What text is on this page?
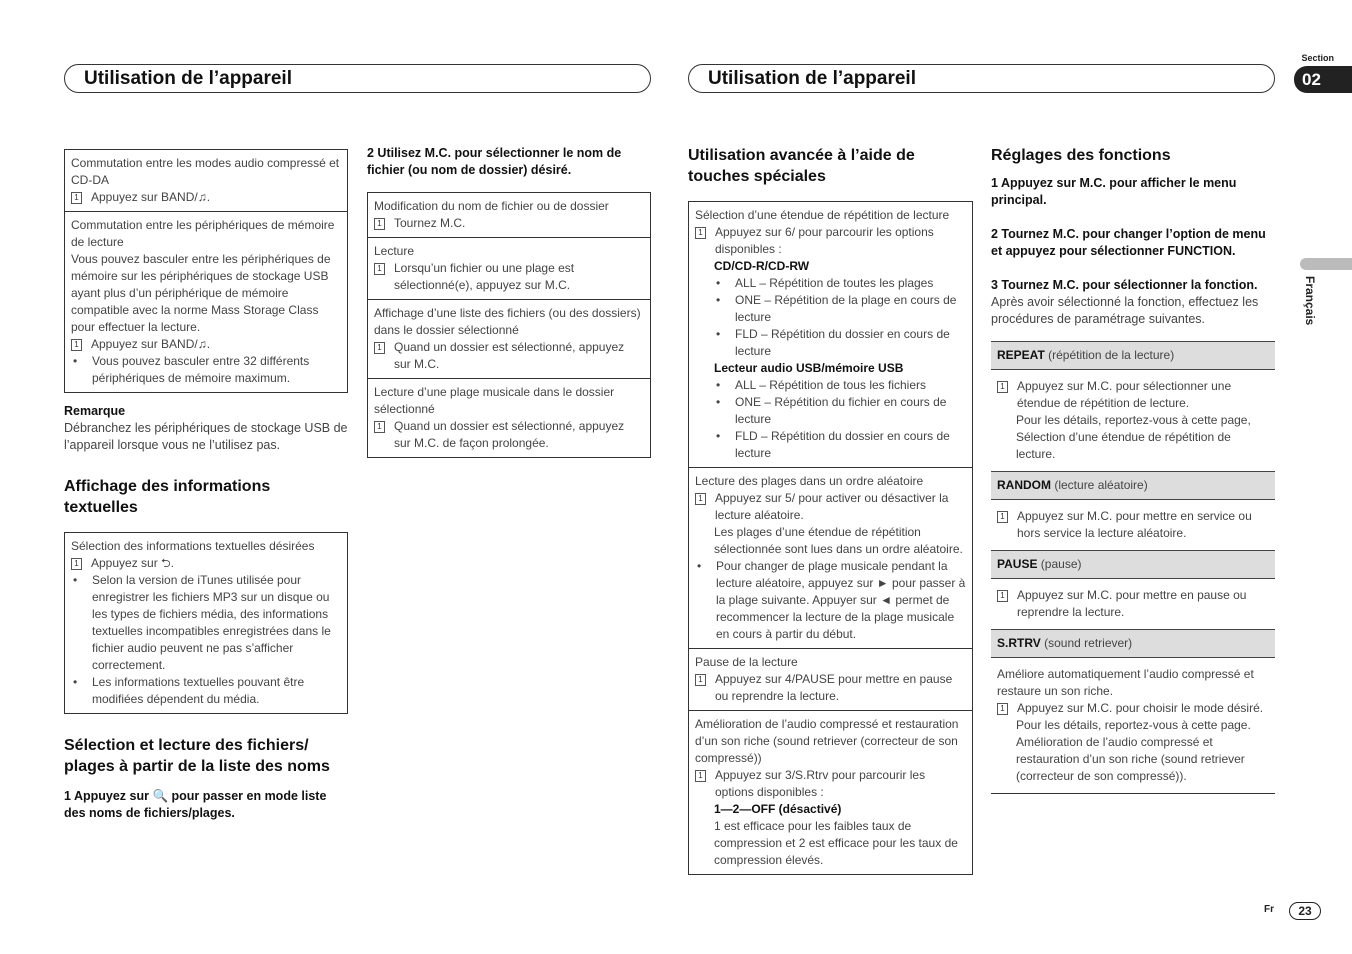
Utilisation de l’appareil	Utilisation de l’appareil
Section
02
Français
Commutation entre les modes audio compressé et CD-DA
1 Appuyez sur BAND/ ♫.
Commutation entre les périphériques de mémoire de lecture
Vous pouvez basculer entre les périphériques de mémoire sur les périphériques de stockage USB ayant plus d’un périphérique de mémoire compatible avec la norme Mass Storage Class pour effectuer la lecture.
1 Appuyez sur BAND/ ♫.
•	Vous pouvez basculer entre 32 différents périphériques de mémoire maximum.
Remarque
Débranchez les périphériques de stockage USB de l’appareil lorsque vous ne l’utilisez pas.
Affichage des informations textuelles
Sélection des informations textuelles désirées
1 Appuyez sur
⮌.
•	Selon la version de iTunes utilisée pour enregistrer les fichiers MP3 sur un disque ou les types de fichiers média, des informations textuelles incompatibles enregistrées dans le fichier audio peuvent ne pas s’afficher correctement.
•	Les informations textuelles pouvant être modifiées dépendent du média.
Sélection et lecture des fichiers/ plages à partir de la liste des noms
1 Appuyez sur 🔍 pour passer en mode liste des noms de fichiers/plages.
2 Utilisez M.C. pour sélectionner le nom de fichier (ou nom de dossier) désiré.
Modification du nom de fichier ou de dossier
1 Tournez M.C.
Lecture
1 Lorsqu’un fichier ou une plage est sélectionné(e), appuyez sur M.C.
Affichage d’une liste des fichiers (ou des dossiers) dans le dossier sélectionné
1 Quand un dossier est sélectionné, appuyez sur M.C.
Lecture d’une plage musicale dans le dossier sélectionné
1 Quand un dossier est sélectionné, appuyez sur M.C. de façon prolongée.
Utilisation avancée à l’aide de touches spéciales
Sélection d’une étendue de répétition de lecture
1 Appuyez sur 6/ pour parcourir les options disponibles :
CD/CD-R/CD-RW
•	ALL – Répétition de toutes les plages
•	ONE – Répétition de la plage en cours de lecture
•	FLD – Répétition du dossier en cours de lecture
Lecteur audio USB/mémoire USB
•	ALL – Répétition de tous les fichiers
•	ONE – Répétition du fichier en cours de lecture
•	FLD – Répétition du dossier en cours de lecture
Lecture des plages dans un ordre aléatoire
1 Appuyez sur 5/ pour activer ou désactiver la lecture aléatoire.
Les plages d’une étendue de répétition sélectionnée sont lues dans un ordre aléatoire.
•	Pour changer de plage musicale pendant la lecture aléatoire, appuyez sur ► pour passer à la plage suivante. Appuyer sur ◄ permet de recommencer la lecture de la plage musicale en cours à partir du début.
Pause de la lecture
1 Appuyez sur 4/PAUSE pour mettre en pause ou reprendre la lecture.
Amélioration de l’audio compressé et restauration d’un son riche (sound retriever (correcteur de son compressé))
1 Appuyez sur 3/S.Rtrv pour parcourir les options disponibles :
1—2—OFF (désactivé)
1 est efficace pour les faibles taux de compression et 2 est efficace pour les taux de compression élevés.
Réglages des fonctions
1 Appuyez sur M.C. pour afficher le menu principal.
2 Tournez M.C. pour changer l’option de menu et appuyez pour sélectionner FUNCTION.
3 Tournez M.C. pour sélectionner la fonction.
Après avoir sélectionné la fonction, effectuez les procédures de paramétrage suivantes.
REPEAT (répétition de la lecture)
1 Appuyez sur M.C. pour sélectionner une étendue de répétition de lecture.
Pour les détails, reportez-vous à cette page, Sélection d’une étendue de répétition de lecture.
RANDOM (lecture aléatoire)
1 Appuyez sur M.C. pour mettre en service ou hors service la lecture aléatoire.
PAUSE (pause)
1 Appuyez sur M.C. pour mettre en pause ou reprendre la lecture.
S.RTRV (sound retriever)
Améliore automatiquement l’audio compressé et restaure un son riche.
1 Appuyez sur M.C. pour choisir le mode désiré.
Pour les détails, reportez-vous à cette page. Amélioration de l’audio compressé et restauration d’un son riche (sound retriever (correcteur de son compressé)).
Fr	23
